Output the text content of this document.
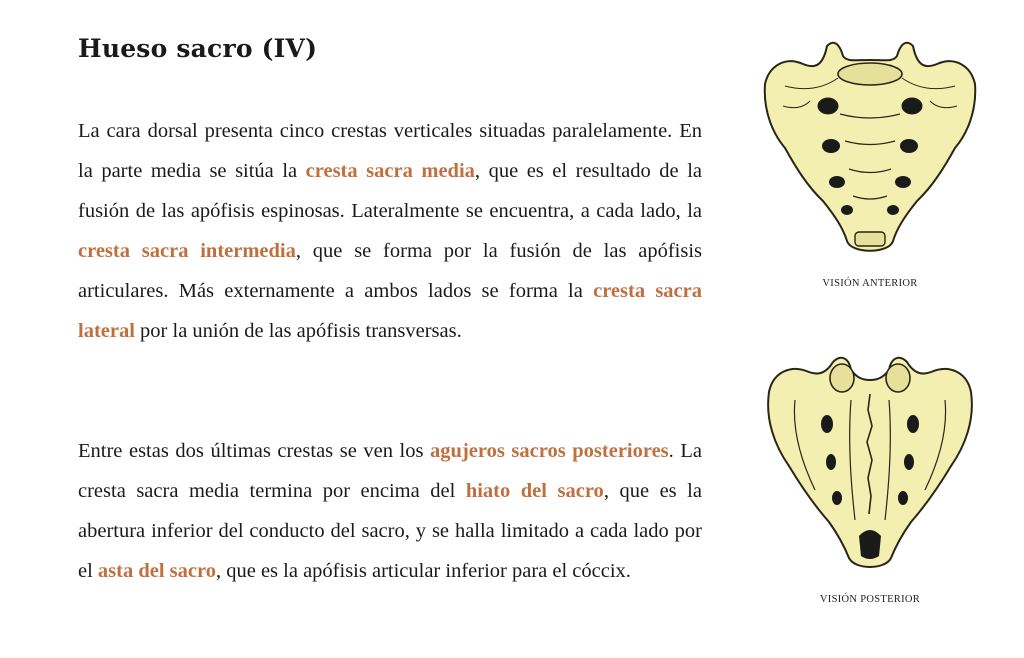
Hueso sacro (IV)

La cara dorsal presenta cinco crestas verticales situadas paralelamente. En la parte media se sitúa la cresta sacra media, que es el resultado de la fusión de las apófisis espinosas. Lateralmente se encuentra, a cada lado, la cresta sacra intermedia, que se forma por la fusión de las apófisis articulares. Más externamente a ambos lados se forma la cresta sacra lateral por la unión de las apófisis transversas.

Entre estas dos últimas crestas se ven los agujeros sacros posteriores. La cresta sacra media termina por encima del hiato del sacro, que es la abertura inferior del conducto del sacro, y se halla limitado a cada lado por el asta del sacro, que es la apófisis articular inferior para el cóccix.

VISIÓN ANTERIOR
VISIÓN POSTERIOR
